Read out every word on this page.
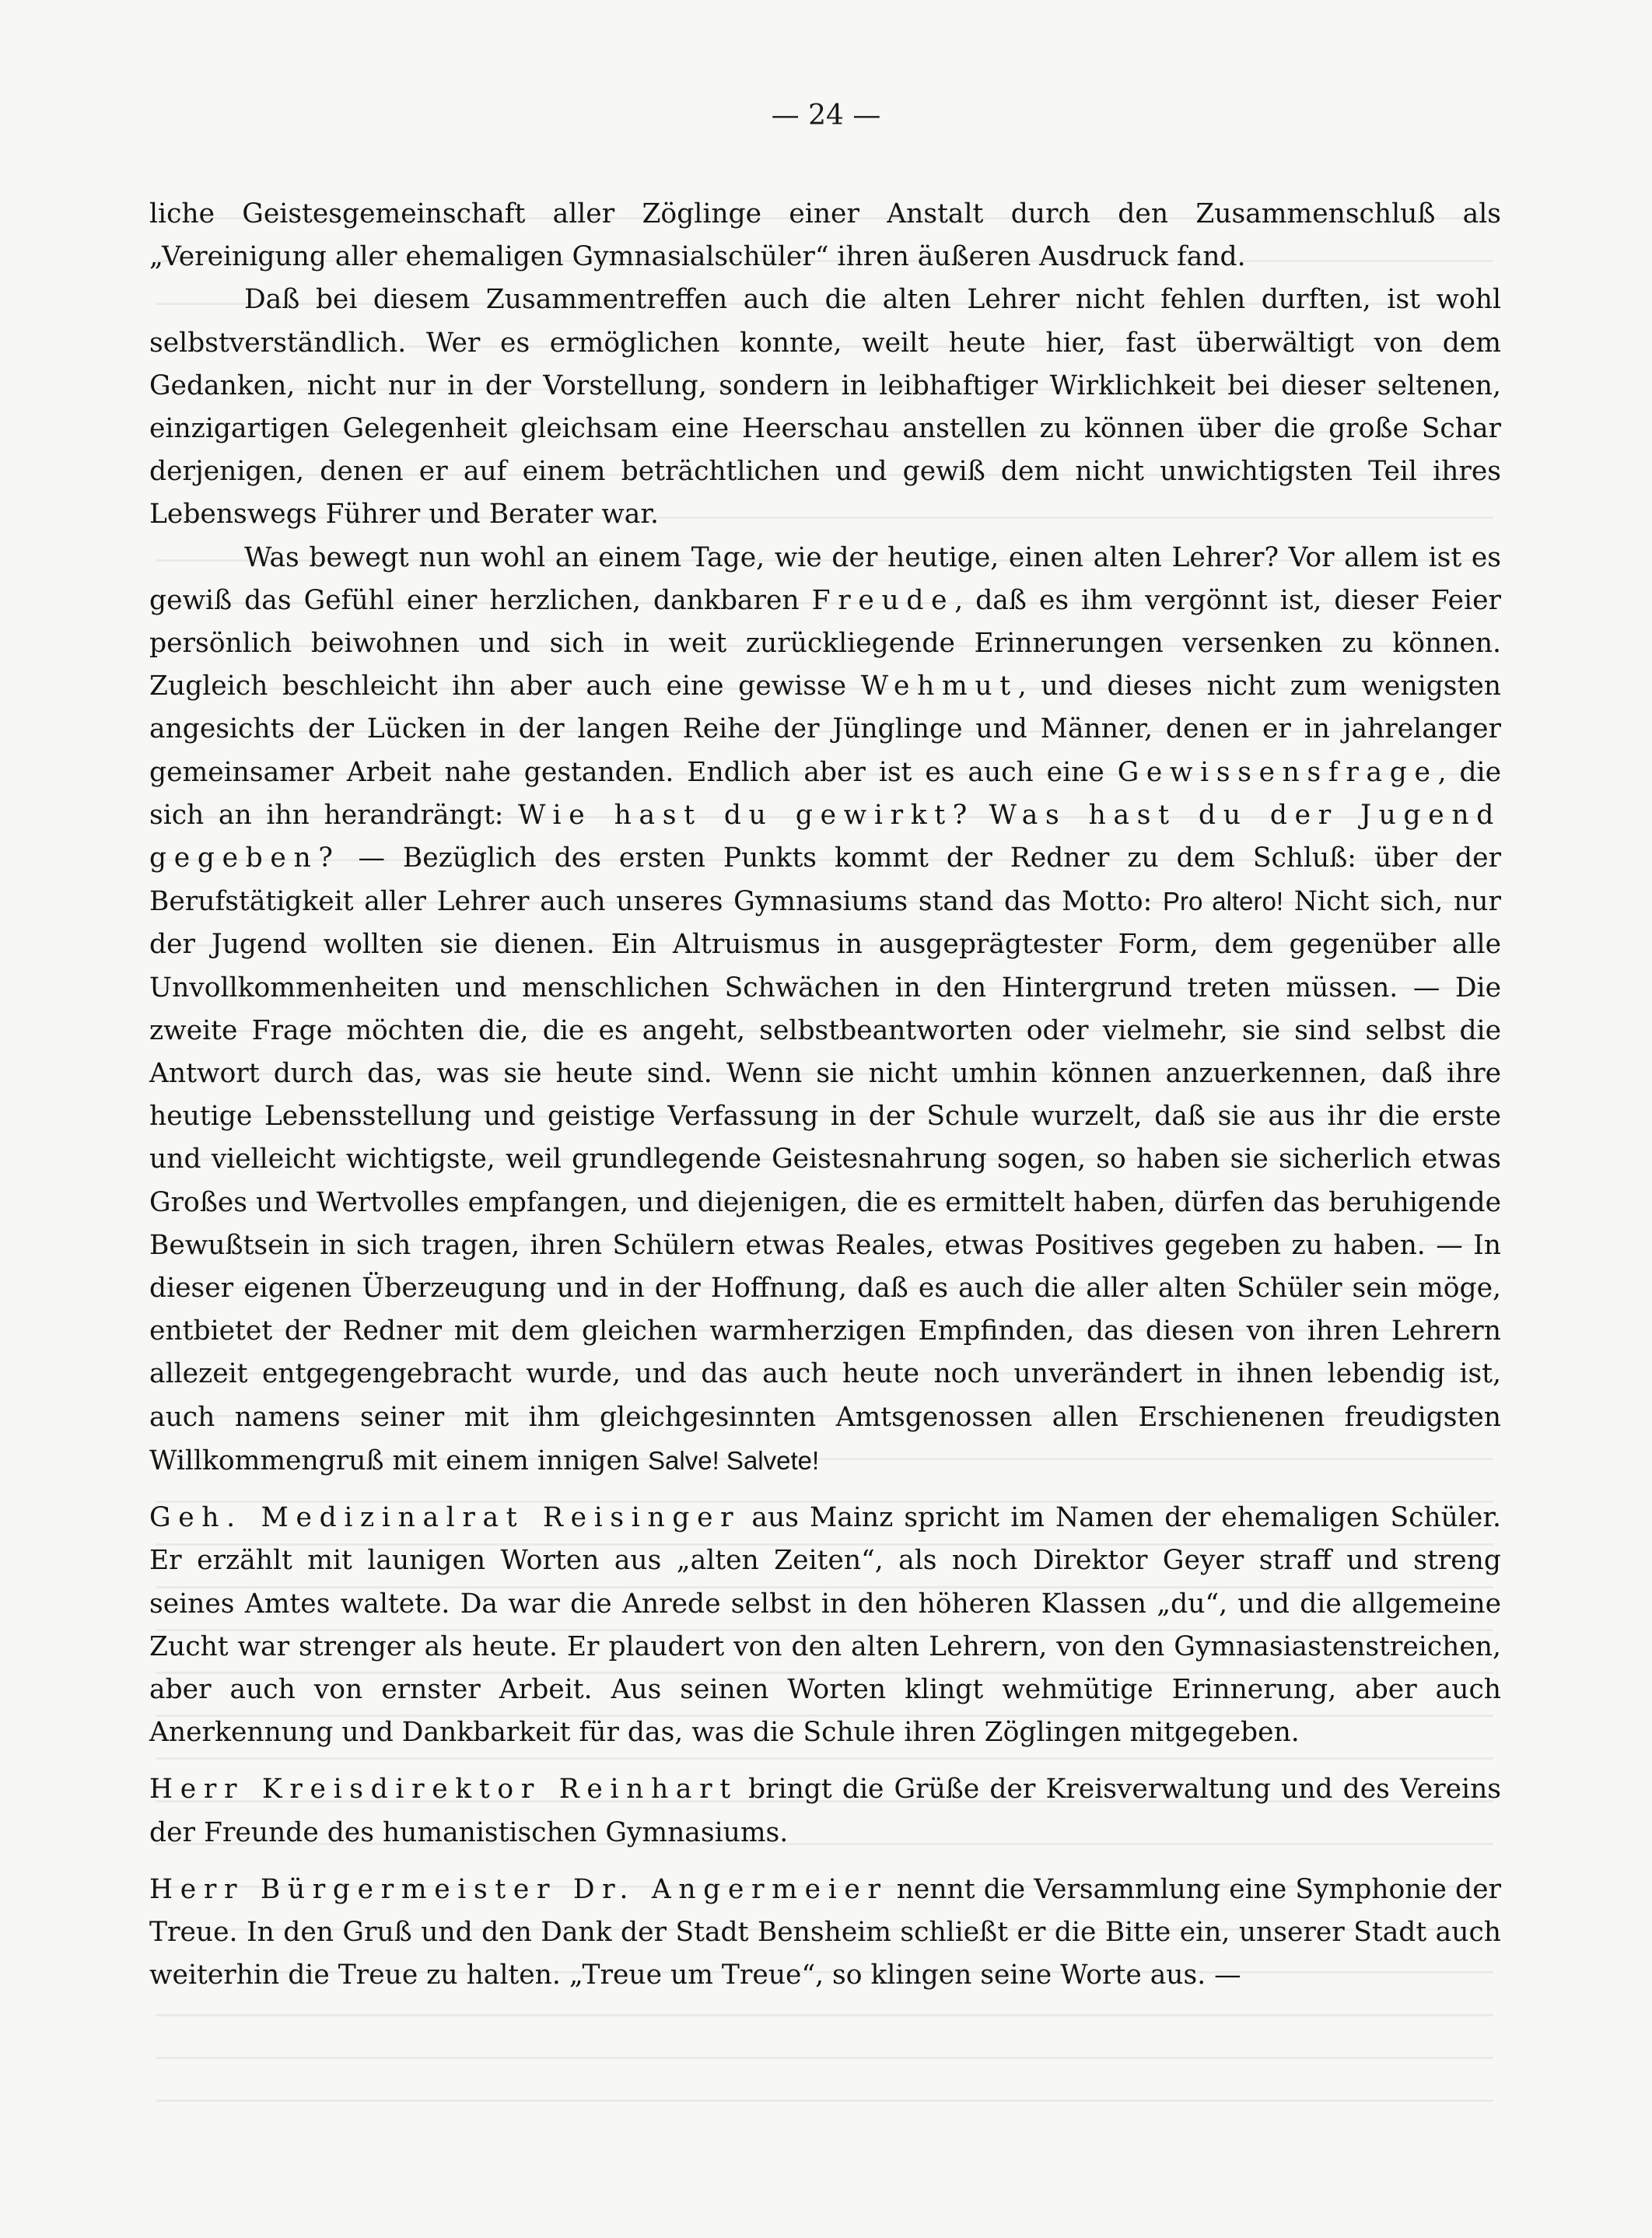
— 24 —

liche Geistesgemeinschaft aller Zöglinge einer Anstalt durch den Zusammenschluß als „Vereinigung aller ehemaligen Gymnasialschüler“ ihren äußeren Ausdruck fand.

Daß bei diesem Zusammentreffen auch die alten Lehrer nicht fehlen durften, ist wohl selbstverständlich. Wer es ermöglichen konnte, weilt heute hier, fast überwältigt von dem Gedanken, nicht nur in der Vorstellung, sondern in leibhaftiger Wirklichkeit bei dieser seltenen, einzigartigen Gelegenheit gleichsam eine Heerschau anstellen zu können über die große Schar derjenigen, denen er auf einem beträchtlichen und gewiß dem nicht unwichtigsten Teil ihres Lebenswegs Führer und Berater war.

Was bewegt nun wohl an einem Tage, wie der heutige, einen alten Lehrer? Vor allem ist es gewiß das Gefühl einer herzlichen, dankbaren Freude, daß es ihm vergönnt ist, dieser Feier persönlich beiwohnen und sich in weit zurückliegende Erinnerungen versenken zu können. Zugleich beschleicht ihn aber auch eine gewisse Wehmut, und dieses nicht zum wenigsten angesichts der Lücken in der langen Reihe der Jünglinge und Männer, denen er in jahrelanger gemeinsamer Arbeit nahe gestanden. Endlich aber ist es auch eine Gewissensfrage, die sich an ihn herandrängt: Wie hast du gewirkt? Was hast du der Jugend gegeben? — Bezüglich des ersten Punkts kommt der Redner zu dem Schluß: über der Berufstätigkeit aller Lehrer auch unseres Gymnasiums stand das Motto: Pro altero! Nicht sich, nur der Jugend wollten sie dienen. Ein Altruismus in ausgeprägtester Form, dem gegenüber alle Unvollkommenheiten und menschlichen Schwächen in den Hintergrund treten müssen. — Die zweite Frage möchten die, die es angeht, selbstbeantworten oder vielmehr, sie sind selbst die Antwort durch das, was sie heute sind. Wenn sie nicht umhin können anzuerkennen, daß ihre heutige Lebensstellung und geistige Verfassung in der Schule wurzelt, daß sie aus ihr die erste und vielleicht wichtigste, weil grundlegende Geistesnahrung sogen, so haben sie sicherlich etwas Großes und Wertvolles empfangen, und diejenigen, die es ermittelt haben, dürfen das beruhigende Bewußtsein in sich tragen, ihren Schülern etwas Reales, etwas Positives gegeben zu haben. — In dieser eigenen Überzeugung und in der Hoffnung, daß es auch die aller alten Schüler sein möge, entbietet der Redner mit dem gleichen warmherzigen Empfinden, das diesen von ihren Lehrern allezeit entgegengebracht wurde, und das auch heute noch unverändert in ihnen lebendig ist, auch namens seiner mit ihm gleichgesinnten Amtsgenossen allen Erschienenen freudigsten Willkommengruß mit einem innigen Salve! Salvete!

Geh. Medizinalrat Reisinger aus Mainz spricht im Namen der ehemaligen Schüler. Er erzählt mit launigen Worten aus „alten Zeiten“, als noch Direktor Geyer straff und streng seines Amtes waltete. Da war die Anrede selbst in den höheren Klassen „du“, und die allgemeine Zucht war strenger als heute. Er plaudert von den alten Lehrern, von den Gymnasiastenstreichen, aber auch von ernster Arbeit. Aus seinen Worten klingt wehmütige Erinnerung, aber auch Anerkennung und Dankbarkeit für das, was die Schule ihren Zöglingen mitgegeben.

Herr Kreisdirektor Reinhart bringt die Grüße der Kreisverwaltung und des Vereins der Freunde des humanistischen Gymnasiums.

Herr Bürgermeister Dr. Angermeier nennt die Versammlung eine Symphonie der Treue. In den Gruß und den Dank der Stadt Bensheim schließt er die Bitte ein, unserer Stadt auch weiterhin die Treue zu halten. „Treue um Treue“, so klingen seine Worte aus. —
